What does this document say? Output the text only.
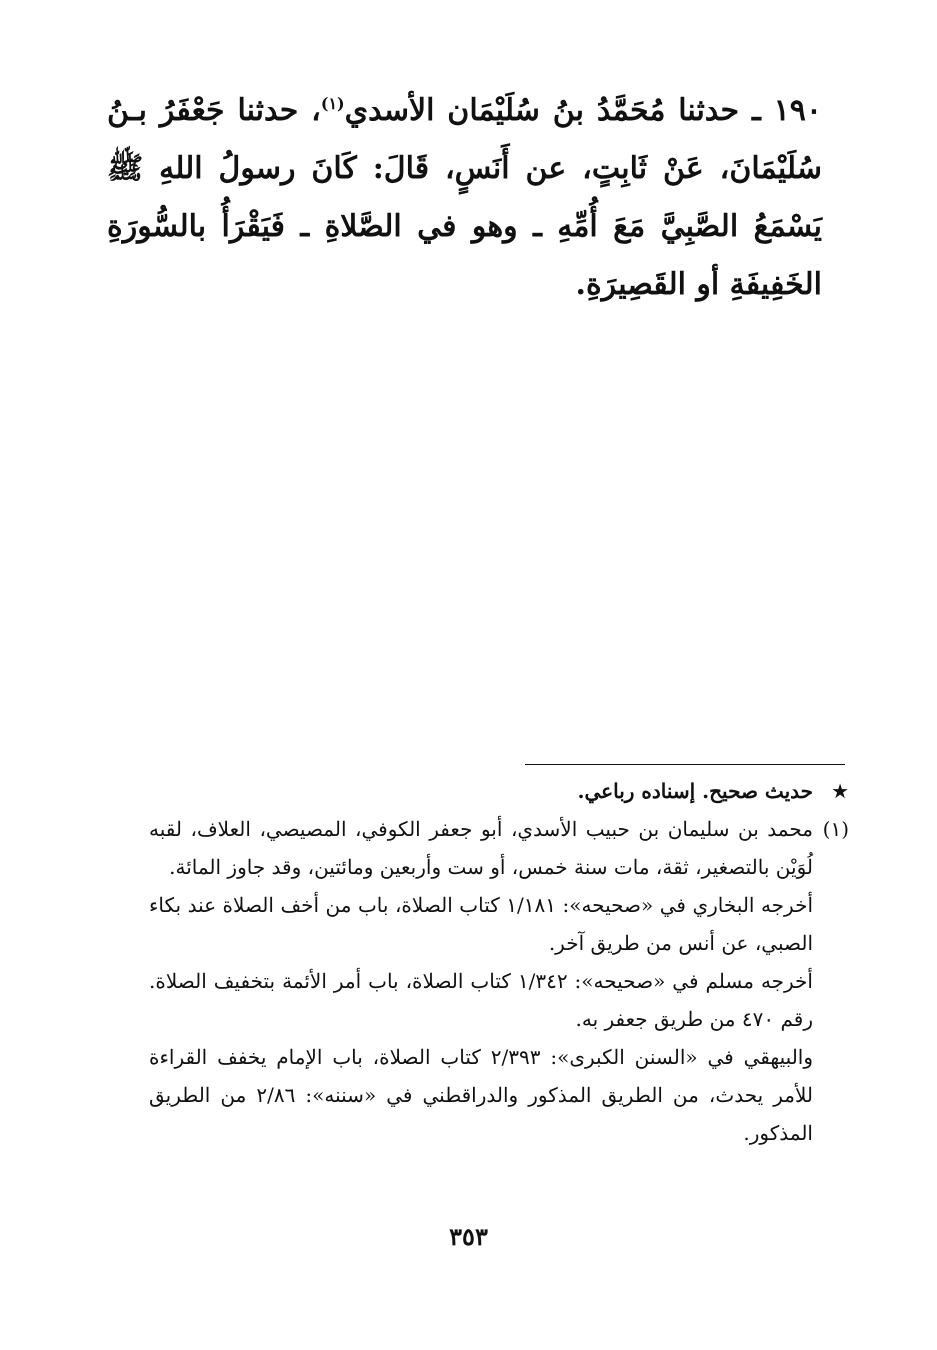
١٩٠ ـ حدثنا مُحَمَّدُ بنُ سُلَيْمَان الأسدي$^{(١)}$، حدثنا جَعْفَرُ بـنُ سُلَيْمَانَ، عَنْ ثَابِتٍ، عن أَنَسٍ، قَالَ: كَانَ رسولُ اللهِ ﷺ يَسْمَعُ الصَّبِيَّ مَعَ أُمِّهِ ـ وهو في الصَّلاةِ ـ فَيَقْرَأُ بالسُّورَةِ الخَفِيفَةِ أو القَصِيرَةِ.
★
حديث صحيح. إسناده رباعي.
(١)
محمد بن سليمان بن حبيب الأسدي، أبو جعفر الكوفي، المصيصي، العلاف، لقبه لُوَيْن بالتصغير، ثقة، مات سنة خمس، أو ست وأربعين ومائتين، وقد جاوز المائة.

أخرجه البخاري في «صحيحه»: ١/١٨١ كتاب الصلاة، باب من أخف الصلاة عند بكاء الصبي، عن أنس من طريق آخر.

أخرجه مسلم في «صحيحه»: ١/٣٤٢ كتاب الصلاة، باب أمر الأئمة بتخفيف الصلاة. رقم ٤٧٠ من طريق جعفر به.

والبيهقي في «السنن الكبرى»: ٢/٣٩٣ كتاب الصلاة، باب الإمام يخفف القراءة للأمر يحدث، من الطريق المذكور والدراقطني في «سننه»: ٢/٨٦ من الطريق المذكور.

٣٥٣
